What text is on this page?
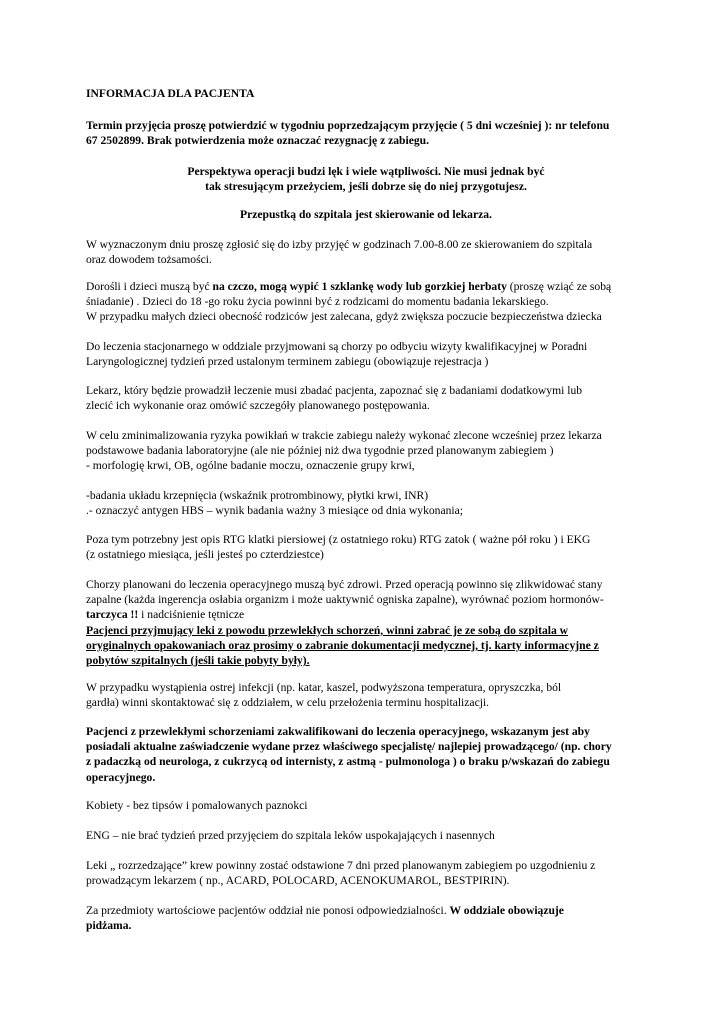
INFORMACJA DLA PACJENTA
Termin przyjęcia proszę potwierdzić w tygodniu poprzedzającym przyjęcie ( 5 dni wcześniej ): nr telefonu
67 2502899. Brak potwierdzenia może oznaczać rezygnację z zabiegu.
Perspektywa operacji budzi lęk i wiele wątpliwości. Nie musi jednak być
tak stresującym przeżyciem, jeśli dobrze się do niej przygotujesz.
Przepustką do szpitala jest skierowanie od lekarza.
W wyznaczonym dniu proszę zgłosić się do izby przyjęć w godzinach 7.00-8.00 ze skierowaniem do szpitala
oraz dowodem tożsamości.
Dorośli i dzieci muszą być na czczo, mogą wypić 1 szklankę wody lub gorzkiej herbaty (proszę wziąć ze sobą
śniadanie) . Dzieci do 18 -go roku życia powinni być z rodzicami do momentu badania lekarskiego.
W przypadku małych dzieci obecność rodziców jest zalecana, gdyż zwiększa poczucie bezpieczeństwa dziecka
Do leczenia stacjonarnego w oddziale przyjmowani są chorzy po odbyciu wizyty kwalifikacyjnej w Poradni
Laryngologicznej tydzień przed ustalonym terminem zabiegu (obowiązuje rejestracja )
Lekarz, który będzie prowadził leczenie musi zbadać pacjenta, zapoznać się z badaniami dodatkowymi lub
zlecić ich wykonanie oraz omówić szczegóły planowanego postępowania.
W celu zminimalizowania ryzyka powikłań w trakcie zabiegu należy wykonać zlecone wcześniej przez lekarza
podstawowe badania laboratoryjne (ale nie później niż dwa tygodnie przed planowanym zabiegiem )
- morfologię krwi, OB, ogólne badanie moczu, oznaczenie grupy krwi,
-badania układu krzepnięcia (wskaźnik protrombinowy, płytki krwi, INR)
.- oznaczyć antygen HBS – wynik badania ważny 3 miesiące od dnia wykonania;
Poza tym potrzebny jest opis RTG klatki piersiowej (z ostatniego roku) RTG zatok ( ważne pół roku ) i EKG
(z ostatniego miesiąca, jeśli jesteś po czterdziestce)
Chorzy planowani do leczenia operacyjnego muszą być zdrowi. Przed operacją powinno się zlikwidować stany
zapalne (każda ingerencja osłabia organizm i może uaktywnić ogniska zapalne), wyrównać poziom hormonów-
tarczyca !! i nadciśnienie tętnicze
Pacjenci przyjmujący leki z powodu przewlekłych schorzeń, winni zabrać je ze sobą do szpitala w
oryginalnych opakowaniach oraz prosimy o zabranie dokumentacji medycznej, tj. karty informacyjne z
pobytów szpitalnych (jeśli takie pobyty były).
W przypadku wystąpienia ostrej infekcji (np. katar, kaszel, podwyższona temperatura, opryszczka, ból
gardła) winni skontaktować się z oddziałem, w celu przełożenia terminu hospitalizacji.
Pacjenci z przewlekłymi schorzeniami zakwalifikowani do leczenia operacyjnego, wskazanym jest aby
posiadali aktualne zaświadczenie wydane przez właściwego specjalistę/ najlepiej prowadzącego/ (np. chory
z padaczką od neurologa, z cukrzycą od internisty, z astmą - pulmonologa ) o braku p/wskazań do zabiegu
operacyjnego.
Kobiety - bez tipsów i pomalowanych paznokci
ENG – nie brać tydzień przed przyjęciem do szpitala leków uspokajających i nasennych
Leki „ rozrzedzające” krew powinny zostać odstawione 7 dni przed planowanym zabiegiem po uzgodnieniu z
prowadzącym lekarzem ( np., ACARD, POLOCARD, ACENOKUMAROL, BESTPIRIN).
Za przedmioty wartościowe pacjentów oddział nie ponosi odpowiedzialności. W oddziale obowiązuje
pidżama.
